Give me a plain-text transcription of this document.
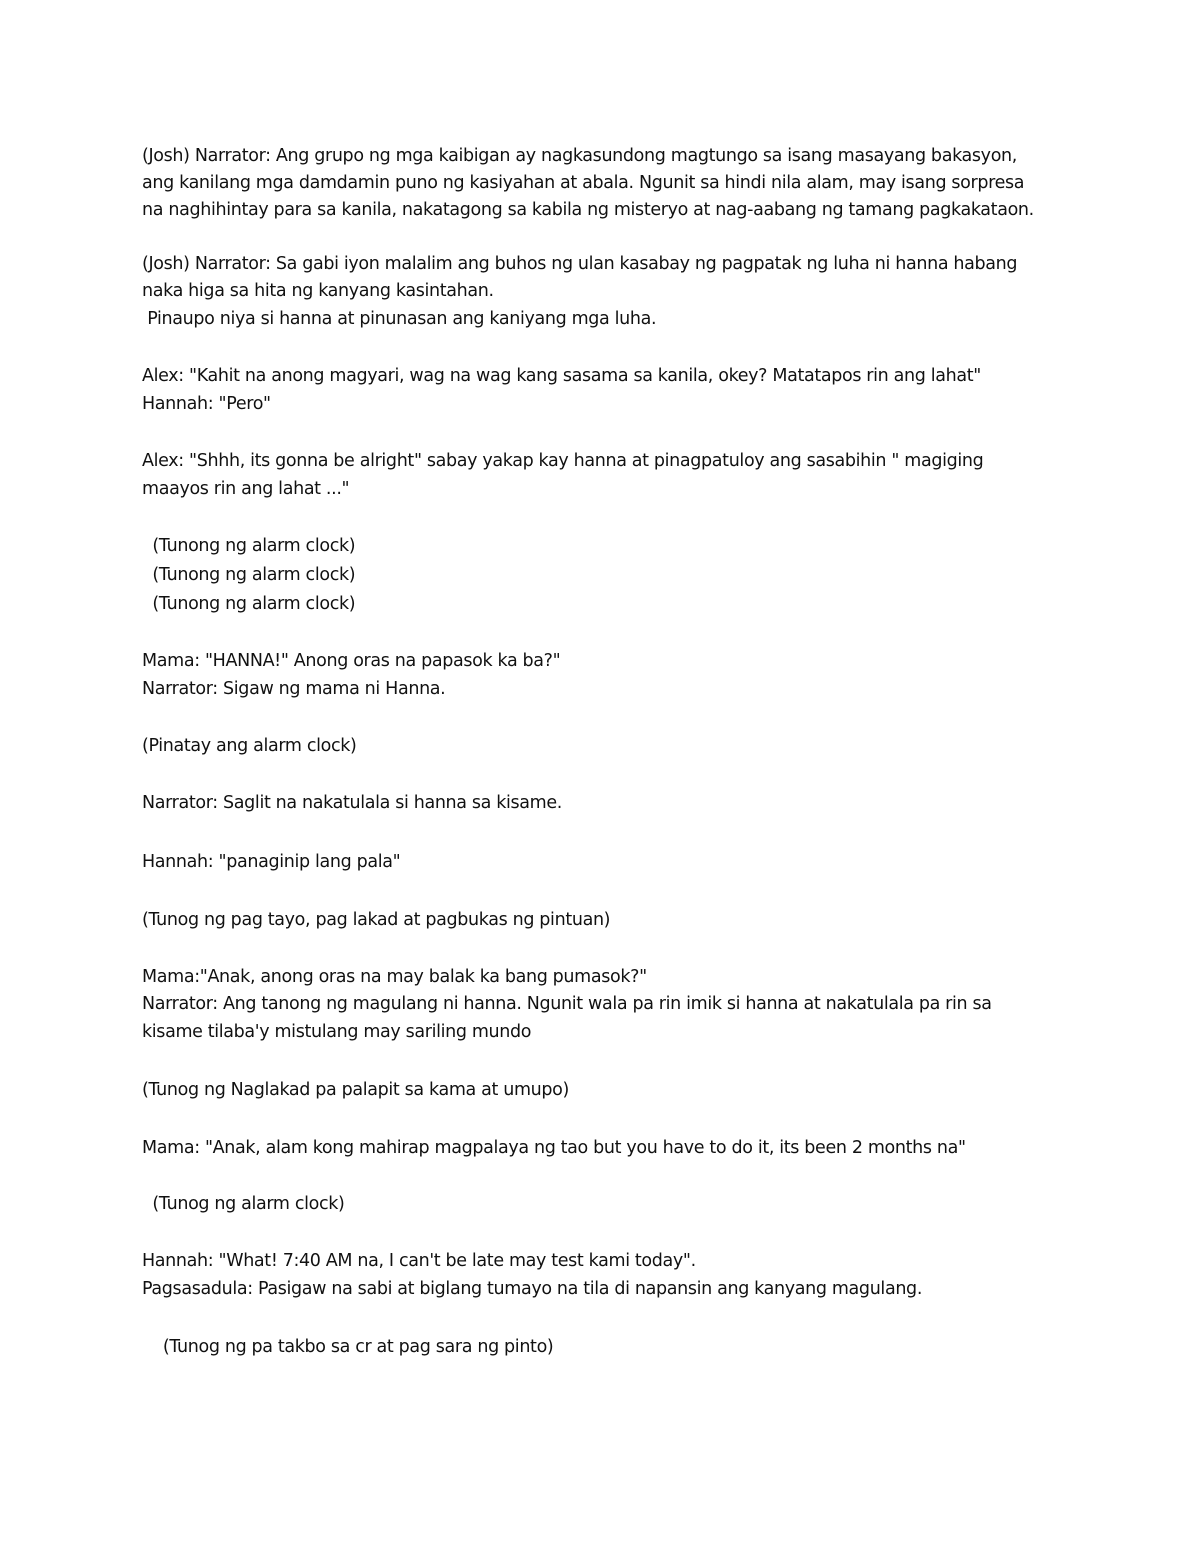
(Josh) Narrator: Ang grupo ng mga kaibigan ay nagkasundong magtungo sa isang masayang bakasyon,
ang kanilang mga damdamin puno ng kasiyahan at abala. Ngunit sa hindi nila alam, may isang sorpresa
na naghihintay para sa kanila, nakatagong sa kabila ng misteryo at nag-aabang ng tamang pagkakataon.
(Josh) Narrator: Sa gabi iyon malalim ang buhos ng ulan kasabay ng pagpatak ng luha ni hanna habang
naka higa sa hita ng kanyang kasintahan.
Pinaupo niya si hanna at pinunasan ang kaniyang mga luha.
Alex: "Kahit na anong magyari, wag na wag kang sasama sa kanila, okey? Matatapos rin ang lahat"
Hannah: "Pero"
Alex: "Shhh, its gonna be alright" sabay yakap kay hanna at pinagpatuloy ang sasabihin " magiging
maayos rin ang lahat ..."
(Tunong ng alarm clock)
(Tunong ng alarm clock)
(Tunong ng alarm clock)
Mama: "HANNA!" Anong oras na papasok ka ba?"
Narrator: Sigaw ng mama ni Hanna.
(Pinatay ang alarm clock)
Narrator: Saglit na nakatulala si hanna sa kisame.
Hannah: "panaginip lang pala"
(Tunog ng pag tayo, pag lakad at pagbukas ng pintuan)
Mama:"Anak, anong oras na may balak ka bang pumasok?"
Narrator: Ang tanong ng magulang ni hanna. Ngunit wala pa rin imik si hanna at nakatulala pa rin sa
kisame tilaba'y mistulang may sariling mundo
(Tunog ng Naglakad pa palapit sa kama at umupo)
Mama: "Anak, alam kong mahirap magpalaya ng tao but you have to do it, its been 2 months na"
(Tunog ng alarm clock)
Hannah: "What! 7:40 AM na, I can't be late may test kami today".
Pagsasadula: Pasigaw na sabi at biglang tumayo na tila di napansin ang kanyang magulang.
(Tunog ng pa takbo sa cr at pag sara ng pinto)
